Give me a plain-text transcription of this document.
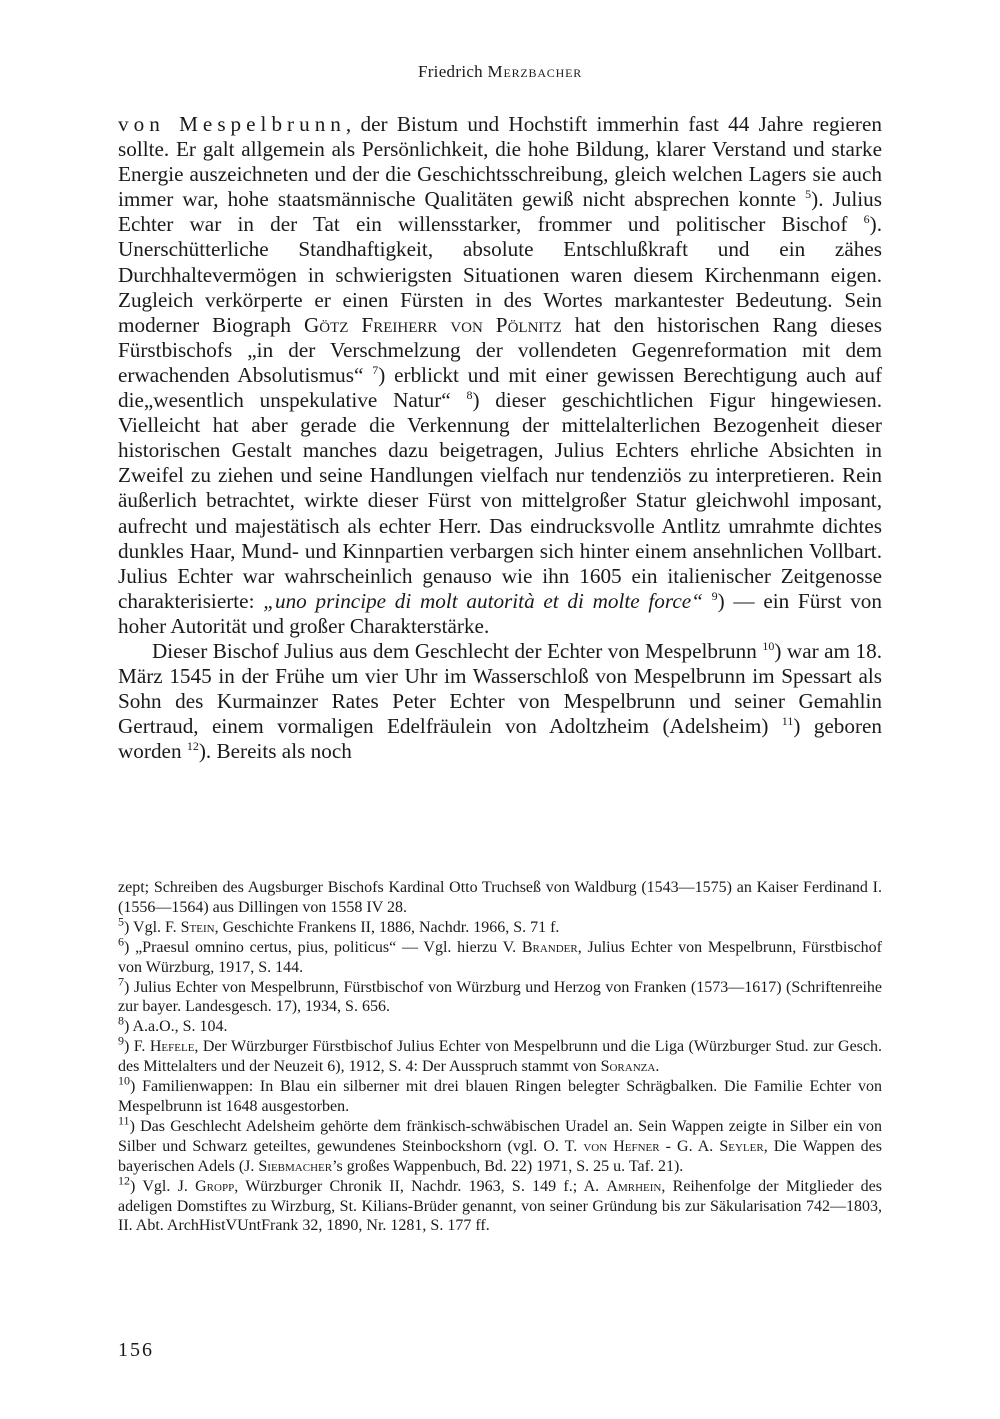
Friedrich Merzbacher

von Mespelbrunn, der Bistum und Hochstift immerhin fast 44 Jahre regieren sollte. Er galt allgemein als Persönlichkeit, die hohe Bildung, klarer Verstand und starke Energie auszeichneten und der die Geschichtsschreibung, gleich welchen Lagers sie auch immer war, hohe staatsmännische Qualitäten gewiß nicht absprechen konnte $^5$). Julius Echter war in der Tat ein willensstarker, frommer und politischer Bischof $^6$). Unerschütterliche Standhaftigkeit, absolute Entschlußkraft und ein zähes Durchhaltevermögen in schwierigsten Situationen waren diesem Kirchenmann eigen. Zugleich verkörperte er einen Fürsten in des Wortes markantester Bedeutung. Sein moderner Biograph Götz Freiherr von Pölnitz hat den historischen Rang dieses Fürstbischofs „in der Verschmelzung der vollendeten Gegenreformation mit dem erwachenden Absolutismus“ $^7$) erblickt und mit einer gewissen Berechtigung auch auf die„wesentlich unspekulative Natur“ $^8$) dieser geschichtlichen Figur hingewiesen. Vielleicht hat aber gerade die Verkennung der mittelalterlichen Bezogenheit dieser historischen Gestalt manches dazu beigetragen, Julius Echters ehrliche Absichten in Zweifel zu ziehen und seine Handlungen vielfach nur tendenziös zu interpretieren. Rein äußerlich betrachtet, wirkte dieser Fürst von mittelgroßer Statur gleichwohl imposant, aufrecht und majestätisch als echter Herr. Das eindrucksvolle Antlitz umrahmte dichtes dunkles Haar, Mund- und Kinnpartien verbargen sich hinter einem ansehnlichen Vollbart. Julius Echter war wahrscheinlich genauso wie ihn 1605 ein italienischer Zeitgenosse charakterisierte: „uno principe di molt autorità et di molte force“ $^9$) — ein Fürst von hoher Autorität und großer Charakterstärke.

Dieser Bischof Julius aus dem Geschlecht der Echter von Mespelbrunn $^{10}$) war am 18. März 1545 in der Frühe um vier Uhr im Wasserschloß von Mespelbrunn im Spessart als Sohn des Kurmainzer Rates Peter Echter von Mespelbrunn und seiner Gemahlin Gertraud, einem vormaligen Edelfräulein von Adoltzheim (Adelsheim) $^{11}$) geboren worden $^{12}$). Bereits als noch

zept; Schreiben des Augsburger Bischofs Kardinal Otto Truchseß von Waldburg (1543—1575) an Kaiser Ferdinand I. (1556—1564) aus Dillingen von 1558 IV 28.

$^5$) Vgl. F. Stein, Geschichte Frankens II, 1886, Nachdr. 1966, S. 71 f.

$^6$) „Praesul omnino certus, pius, politicus“ — Vgl. hierzu V. Brander, Julius Echter von Mespelbrunn, Fürstbischof von Würzburg, 1917, S. 144.

$^7$) Julius Echter von Mespelbrunn, Fürstbischof von Würzburg und Herzog von Franken (1573—1617) (Schriftenreihe zur bayer. Landesgesch. 17), 1934, S. 656.

$^8$) A.a.O., S. 104.

$^9$) F. Hefele, Der Würzburger Fürstbischof Julius Echter von Mespelbrunn und die Liga (Würzburger Stud. zur Gesch. des Mittelalters und der Neuzeit 6), 1912, S. 4: Der Ausspruch stammt von Soranza.

$^{10}$) Familienwappen: In Blau ein silberner mit drei blauen Ringen belegter Schrägbalken. Die Familie Echter von Mespelbrunn ist 1648 ausgestorben.

$^{11}$) Das Geschlecht Adelsheim gehörte dem fränkisch-schwäbischen Uradel an. Sein Wappen zeigte in Silber ein von Silber und Schwarz geteiltes, gewundenes Steinbockshorn (vgl. O. T. von Hefner - G. A. Seyler, Die Wappen des bayerischen Adels (J. Siebmacher’s großes Wappenbuch, Bd. 22) 1971, S. 25 u. Taf. 21).

$^{12}$) Vgl. J. Gropp, Würzburger Chronik II, Nachdr. 1963, S. 149 f.; A. Amrhein, Reihenfolge der Mitglieder des adeligen Domstiftes zu Wirzburg, St. Kilians-Brüder genannt, von seiner Gründung bis zur Säkularisation 742—1803, II. Abt. ArchHistVUntFrank 32, 1890, Nr. 1281, S. 177 ff.

156
